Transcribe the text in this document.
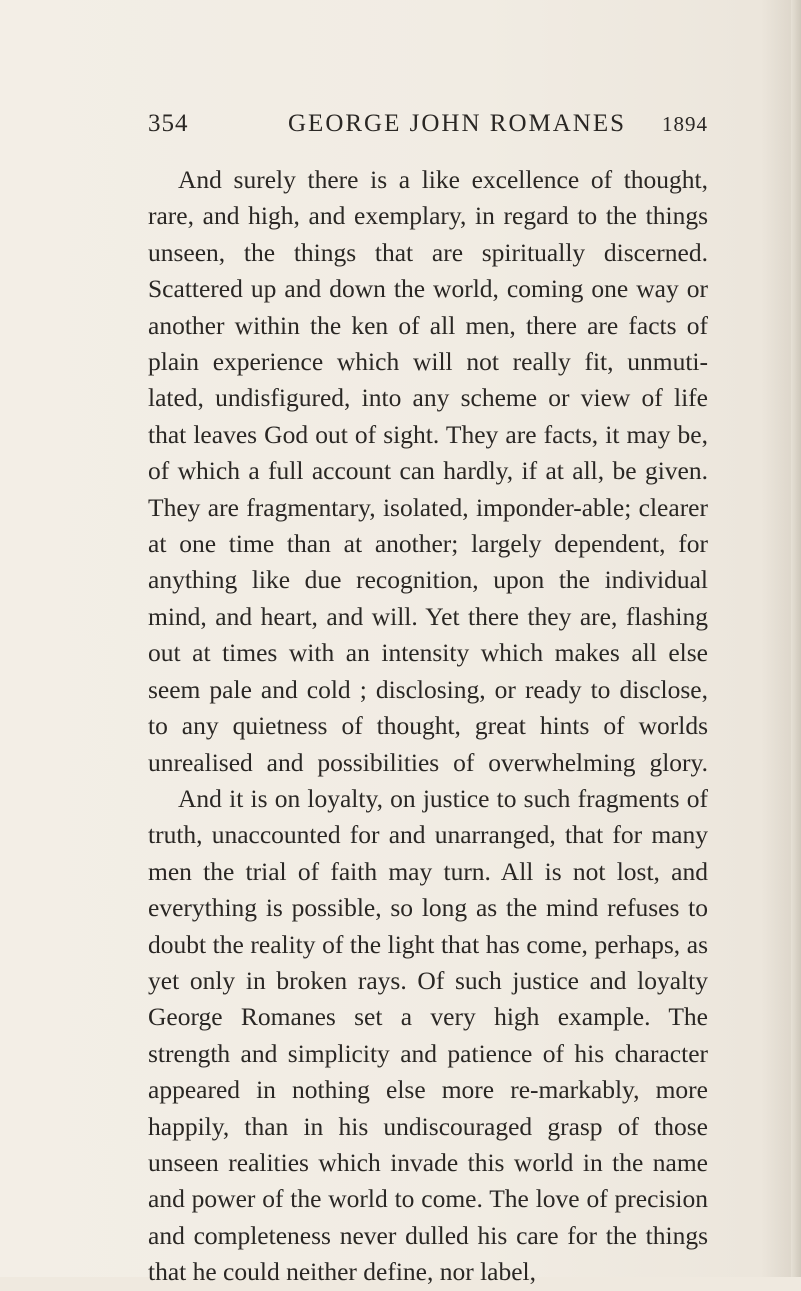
354	GEORGE JOHN ROMANES 1894

And surely there is a like excellence of thought, rare, and high, and exemplary, in regard to the things unseen, the things that are spiritually discerned. Scattered up and down the world, coming one way or another within the ken of all men, there are facts of plain experience which will not really fit, unmuti-lated, undisfigured, into any scheme or view of life that leaves God out of sight. They are facts, it may be, of which a full account can hardly, if at all, be given. They are fragmentary, isolated, imponder-able; clearer at one time than at another; largely dependent, for anything like due recognition, upon the individual mind, and heart, and will. Yet there they are, flashing out at times with an intensity which makes all else seem pale and cold ; disclosing, or ready to disclose, to any quietness of thought, great hints of worlds unrealised and possibilities of overwhelming glory.

And it is on loyalty, on justice to such fragments of truth, unaccounted for and unarranged, that for many men the trial of faith may turn. All is not lost, and everything is possible, so long as the mind refuses to doubt the reality of the light that has come, perhaps, as yet only in broken rays. Of such justice and loyalty George Romanes set a very high example. The strength and simplicity and patience of his character appeared in nothing else more re-markably, more happily, than in his undiscouraged grasp of those unseen realities which invade this world in the name and power of the world to come. The love of precision and completeness never dulled his care for the things that he could neither define, nor label,
